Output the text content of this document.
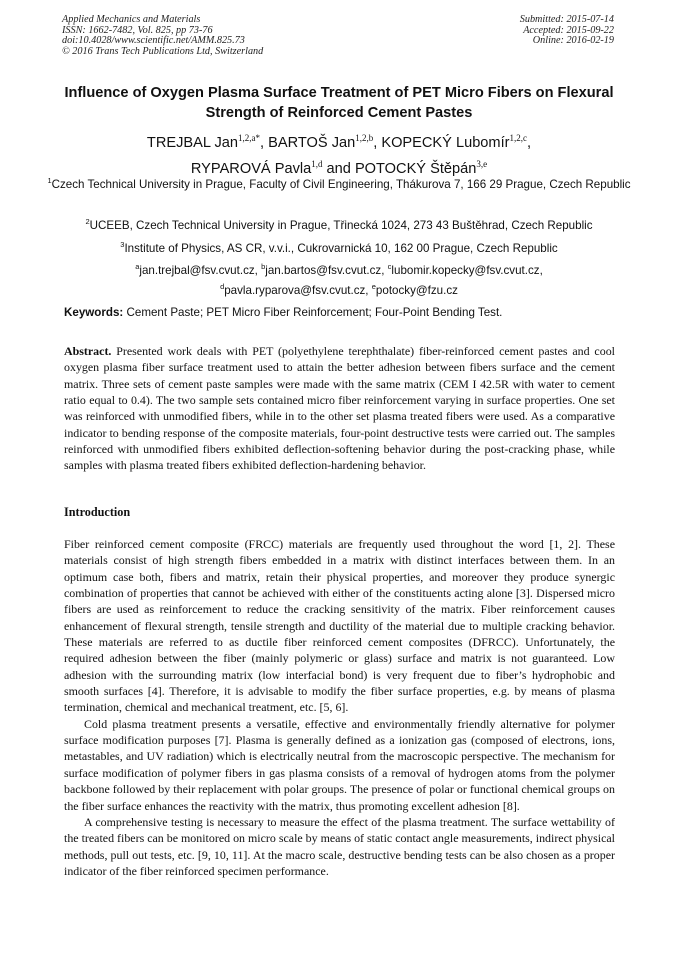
Applied Mechanics and Materials
ISSN: 1662-7482, Vol. 825, pp 73-76
doi:10.4028/www.scientific.net/AMM.825.73
© 2016 Trans Tech Publications Ltd, Switzerland
Submitted: 2015-07-14
Accepted: 2015-09-22
Online: 2016-02-19
Influence of Oxygen Plasma Surface Treatment of PET Micro Fibers on Flexural Strength of Reinforced Cement Pastes
TREJBAL Jan$^{1,2,a*}$, BARTOŠ Jan$^{1,2,b}$, KOPECKÝ Lubomír$^{1,2,c}$,
RYPAROVÁ Pavla$^{1,d}$ and POTOCKÝ Štěpán$^{3,e}$
$^1$Czech Technical University in Prague, Faculty of Civil Engineering, Thákurova 7, 166 29 Prague, Czech Republic
$^2$UCEEB, Czech Technical University in Prague, Třinecká 1024, 273 43 Buštěhrad, Czech Republic
$^3$Institute of Physics, AS CR, v.v.i., Cukrovarnická 10, 162 00 Prague, Czech Republic
$^a$jan.trejbal@fsv.cvut.cz, $^b$jan.bartos@fsv.cvut.cz, $^c$lubomir.kopecky@fsv.cvut.cz,
$^d$pavla.ryparova@fsv.cvut.cz, $^e$potocky@fzu.cz
Keywords: Cement Paste; PET Micro Fiber Reinforcement; Four-Point Bending Test.
Abstract. Presented work deals with PET (polyethylene terephthalate) fiber-reinforced cement pastes and cool oxygen plasma fiber surface treatment used to attain the better adhesion between fibers surface and the cement matrix. Three sets of cement paste samples were made with the same matrix (CEM I 42.5R with water to cement ratio equal to 0.4). The two sample sets contained micro fiber reinforcement varying in surface properties. One set was reinforced with unmodified fibers, while in to the other set plasma treated fibers were used. As a comparative indicator to bending response of the composite materials, four-point destructive tests were carried out. The samples reinforced with unmodified fibers exhibited deflection-softening behavior during the post-cracking phase, while samples with plasma treated fibers exhibited deflection-hardening behavior.
Introduction

Fiber reinforced cement composite (FRCC) materials are frequently used throughout the word [1, 2]. These materials consist of high strength fibers embedded in a matrix with distinct interfaces between them. In an optimum case both, fibers and matrix, retain their physical properties, and moreover they produce synergic combination of properties that cannot be achieved with either of the constituents acting alone [3]. Dispersed micro fibers are used as reinforcement to reduce the cracking sensitivity of the matrix. Fiber reinforcement causes enhancement of flexural strength, tensile strength and ductility of the material due to multiple cracking behavior. These materials are referred to as ductile fiber reinforced cement composites (DFRCC). Unfortunately, the required adhesion between the fiber (mainly polymeric or glass) surface and matrix is not guaranteed. Low adhesion with the surrounding matrix (low interfacial bond) is very frequent due to fiber’s hydrophobic and smooth surfaces [4]. Therefore, it is advisable to modify the fiber surface properties, e.g. by means of plasma termination, chemical and mechanical treatment, etc. [5, 6].

Cold plasma treatment presents a versatile, effective and environmentally friendly alternative for polymer surface modification purposes [7]. Plasma is generally defined as a ionization gas (composed of electrons, ions, metastables, and UV radiation) which is electrically neutral from the macroscopic perspective. The mechanism for surface modification of polymer fibers in gas plasma consists of a removal of hydrogen atoms from the polymer backbone followed by their replacement with polar groups. The presence of polar or functional chemical groups on the fiber surface enhances the reactivity with the matrix, thus promoting excellent adhesion [8].

A comprehensive testing is necessary to measure the effect of the plasma treatment. The surface wettability of the treated fibers can be monitored on micro scale by means of static contact angle measurements, indirect physical methods, pull out tests, etc. [9, 10, 11]. At the macro scale, destructive bending tests can be also chosen as a proper indicator of the fiber reinforced specimen performance.
